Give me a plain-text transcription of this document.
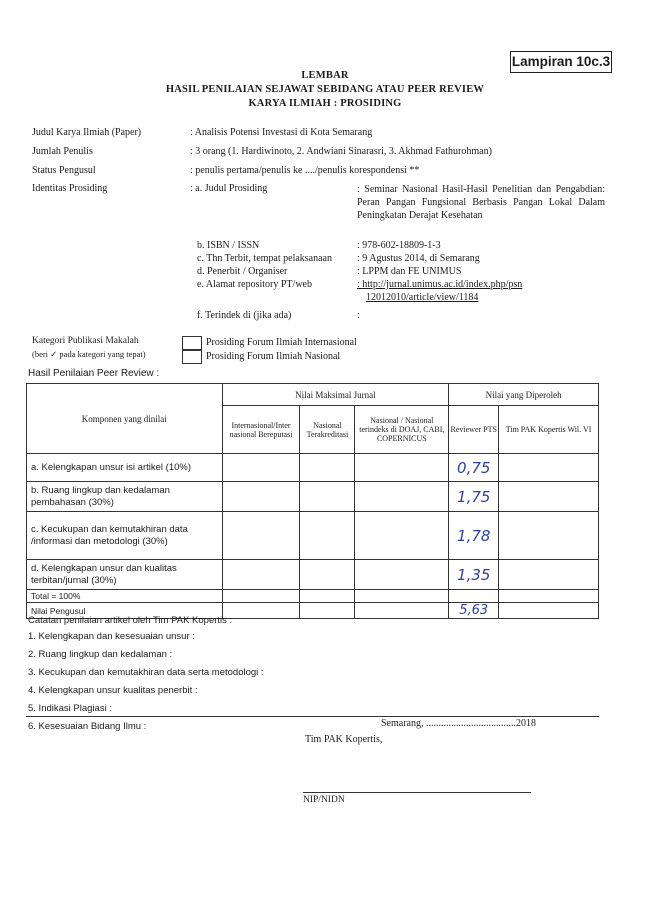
Lampiran 10c.3
LEMBAR
HASIL PENILAIAN SEJAWAT SEBIDANG ATAU PEER REVIEW
KARYA ILMIAH : PROSIDING
Judul Karya Ilmiah (Paper)	: Analisis Potensi Investasi di Kota Semarang
Jumlah Penulis	: 3 orang (1. Hardiwinoto, 2. Andwiani Sinarasri, 3. Akhmad Fathurohman)
Status Pengusul	: penulis pertama/penulis ke ..../penulis korespondensi **
Identitas Prosiding	: a. Judul Prosiding	: Seminar Nasional Hasil-Hasil Penelitian dan Pengabdian: Peran Pangan Fungsional Berbasis Pangan Lokal Dalam Peningkatan Derajat Kesehatan
b. ISBN / ISSN	: 978-602-18809-1-3
c. Thn Terbit, tempat pelaksanaan	: 9 Agustus 2014, di Semarang
d. Penerbit / Organiser	: LPPM dan FE UNIMUS
e. Alamat repository PT/web	: http://jurnal.unimus.ac.id/index.php/psn
12012010/article/view/1184
f. Terindek di (jika ada)	:
Kategori Publikasi Makalah
(beri ✓ pada kategori yang tepat)
Prosiding Forum Ilmiah Internasional
Prosiding Forum Ilmiah Nasional
Hasil Penilaian Peer Review :
Komponen yang dinilai	Nilai Maksimal Jurnal			Nilai yang Diperoleh	
	Internasional/Inter nasional Bereputasi	Nasional Terakreditasi	Nasional / Nasional terindeks di DOAJ, CABI, COPERNICUS	Reviewer PTS	Tim PAK Kopertis Wil. VI
a. Kelengkapan unsur isi artikel (10%)				0,75	
b. Ruang lingkup dan kedalaman pembahasan (30%)				1,75	
c. Kecukupan dan kemutakhiran data /informasi dan metodologi (30%)				1,78	
d. Kelengkapan unsur dan kualitas terbitan/jurnal (30%)				1,35	
Total = 100%					
Nilai Pengusul				5,63	
Catatan penilaian artikel oleh Tim PAK Kopertis :
1. Kelengkapan dan kesesuaian unsur :
2. Ruang lingkup dan kedalaman :
3. Kecukupan dan kemutakhiran data serta metodologi :
4. Kelengkapan unsur kualitas penerbit :
5. Indikasi Plagiasi :
6. Kesesuaian Bidang Ilmu :	Semarang, ....................................2018
Tim PAK Kopertis,
NIP/NIDN
